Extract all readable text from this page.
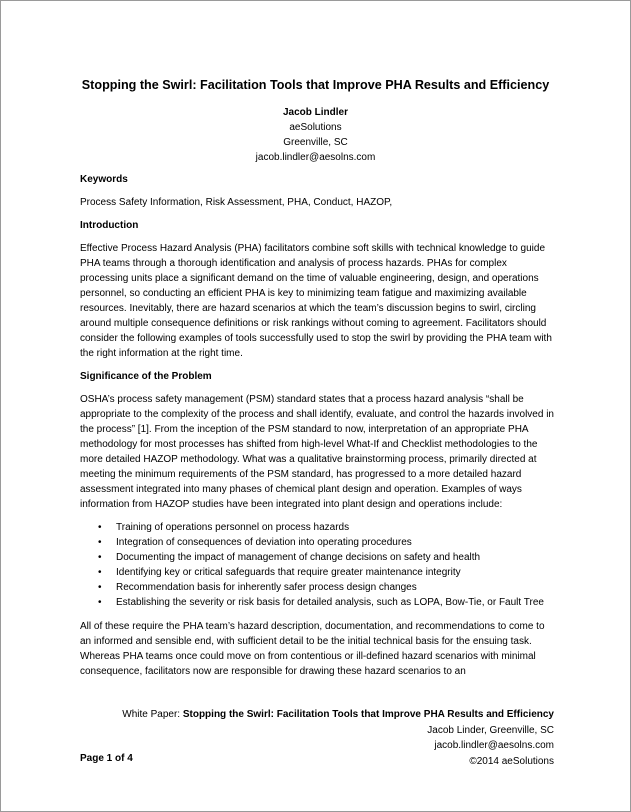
Stopping the Swirl: Facilitation Tools that Improve PHA Results and Efficiency
Jacob Lindler
aeSolutions
Greenville, SC
jacob.lindler@aesolns.com
Keywords

Process Safety Information, Risk Assessment, PHA, Conduct, HAZOP,

Introduction

Effective Process Hazard Analysis (PHA) facilitators combine soft skills with technical knowledge to guide PHA teams through a thorough identification and analysis of process hazards. PHAs for complex processing units place a significant demand on the time of valuable engineering, design, and operations personnel, so conducting an efficient PHA is key to minimizing team fatigue and maximizing available resources. Inevitably, there are hazard scenarios at which the team’s discussion begins to swirl, circling around multiple consequence definitions or risk rankings without coming to agreement. Facilitators should consider the following examples of tools successfully used to stop the swirl by providing the PHA team with the right information at the right time.

Significance of the Problem

OSHA’s process safety management (PSM) standard states that a process hazard analysis “shall be appropriate to the complexity of the process and shall identify, evaluate, and control the hazards involved in the process” [1]. From the inception of the PSM standard to now, interpretation of an appropriate PHA methodology for most processes has shifted from high-level What-If and Checklist methodologies to the more detailed HAZOP methodology. What was a qualitative brainstorming process, primarily directed at meeting the minimum requirements of the PSM standard, has progressed to a more detailed hazard assessment integrated into many phases of chemical plant design and operation. Examples of ways information from HAZOP studies have been integrated into plant design and operations include:

• Training of operations personnel on process hazards
• Integration of consequences of deviation into operating procedures
• Documenting the impact of management of change decisions on safety and health
• Identifying key or critical safeguards that require greater maintenance integrity
• Recommendation basis for inherently safer process design changes
• Establishing the severity or risk basis for detailed analysis, such as LOPA, Bow-Tie, or Fault Tree

All of these require the PHA team’s hazard description, documentation, and recommendations to come to an informed and sensible end, with sufficient detail to be the initial technical basis for the ensuing task. Whereas PHA teams once could move on from contentious or ill-defined hazard scenarios with minimal consequence, facilitators now are responsible for drawing these hazard scenarios to an

White Paper: Stopping the Swirl: Facilitation Tools that Improve PHA Results and Efficiency
Jacob Linder, Greenville, SC
jacob.lindler@aesolns.com
©2014 aeSolutions
Page 1 of 4
